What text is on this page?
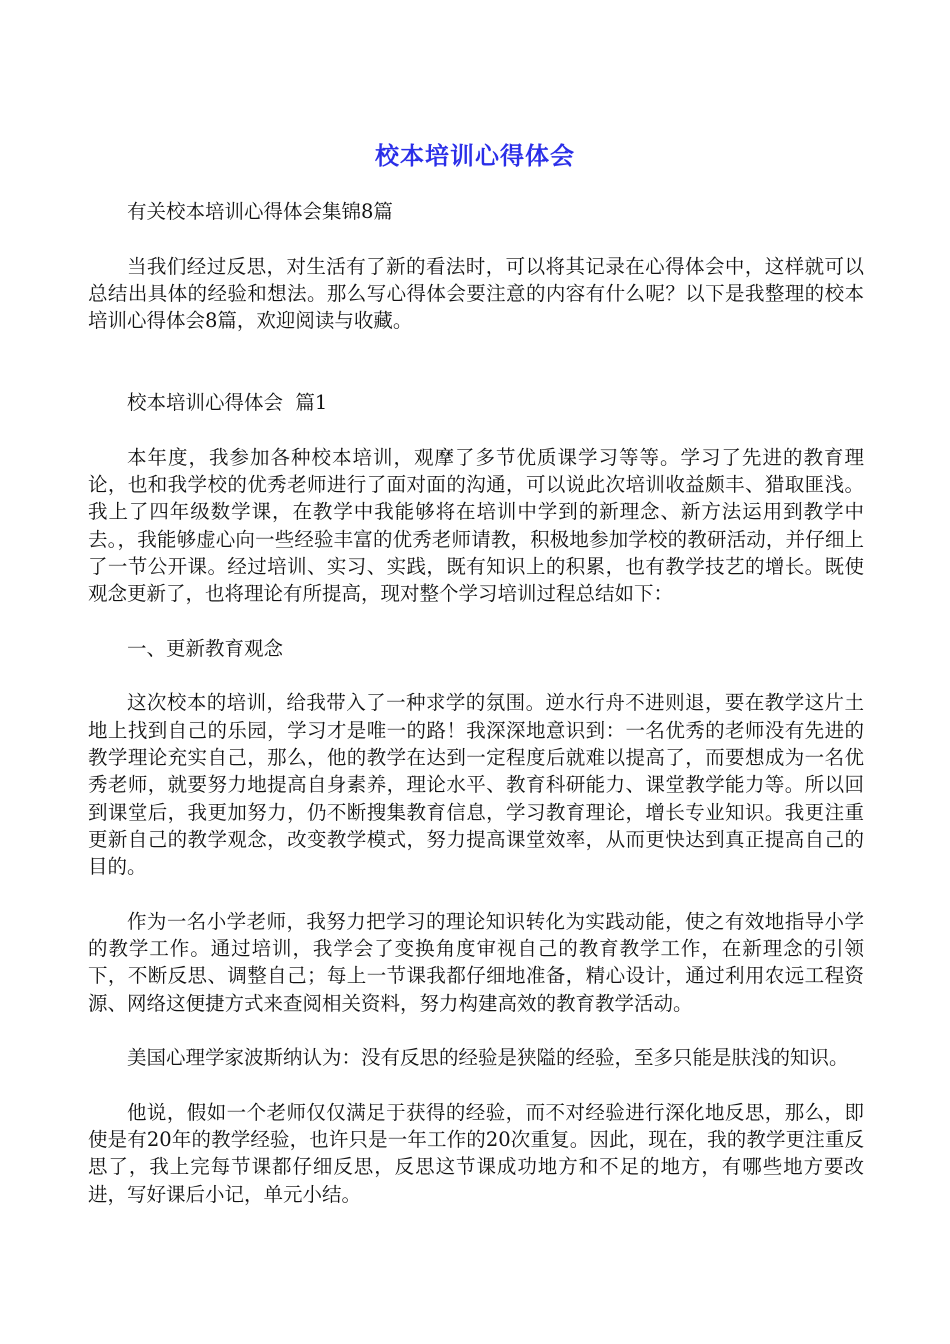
校本培训心得体会

有关校本培训心得体会集锦8篇

当我们经过反思，对生活有了新的看法时，可以将其记录在心得体会中，这样就可以总结出具体的经验和想法。那么写心得体会要注意的内容有什么呢？以下是我整理的校本培训心得体会8篇，欢迎阅读与收藏。

校本培训心得体会  篇1

本年度，我参加各种校本培训，观摩了多节优质课学习等等。学习了先进的教育理论，也和我学校的优秀老师进行了面对面的沟通，可以说此次培训收益颇丰、猎取匪浅。我上了四年级数学课，在教学中我能够将在培训中学到的新理念、新方法运用到教学中去。，我能够虚心向一些经验丰富的优秀老师请教，积极地参加学校的教研活动，并仔细上了一节公开课。经过培训、实习、实践，既有知识上的积累，也有教学技艺的增长。既使观念更新了，也将理论有所提高，现对整个学习培训过程总结如下：

一、更新教育观念

这次校本的培训，给我带入了一种求学的氛围。逆水行舟不进则退，要在教学这片土地上找到自己的乐园，学习才是唯一的路！我深深地意识到：一名优秀的老师没有先进的教学理论充实自己，那么，他的教学在达到一定程度后就难以提高了，而要想成为一名优秀老师，就要努力地提高自身素养，理论水平、教育科研能力、课堂教学能力等。所以回到课堂后，我更加努力，仍不断搜集教育信息，学习教育理论，增长专业知识。我更注重更新自己的教学观念，改变教学模式，努力提高课堂效率，从而更快达到真正提高自己的目的。

作为一名小学老师，我努力把学习的理论知识转化为实践动能，使之有效地指导小学的教学工作。通过培训，我学会了变换角度审视自己的教育教学工作，在新理念的引领下，不断反思、调整自己；每上一节课我都仔细地准备，精心设计，通过利用农远工程资源、网络这便捷方式来查阅相关资料，努力构建高效的教育教学活动。

美国心理学家波斯纳认为：没有反思的经验是狭隘的经验，至多只能是肤浅的知识。

他说，假如一个老师仅仅满足于获得的经验，而不对经验进行深化地反思，那么，即使是有20年的教学经验，也许只是一年工作的20次重复。因此，现在，我的教学更注重反思了，我上完每节课都仔细反思，反思这节课成功地方和不足的地方，有哪些地方要改进，写好课后小记，单元小结。
